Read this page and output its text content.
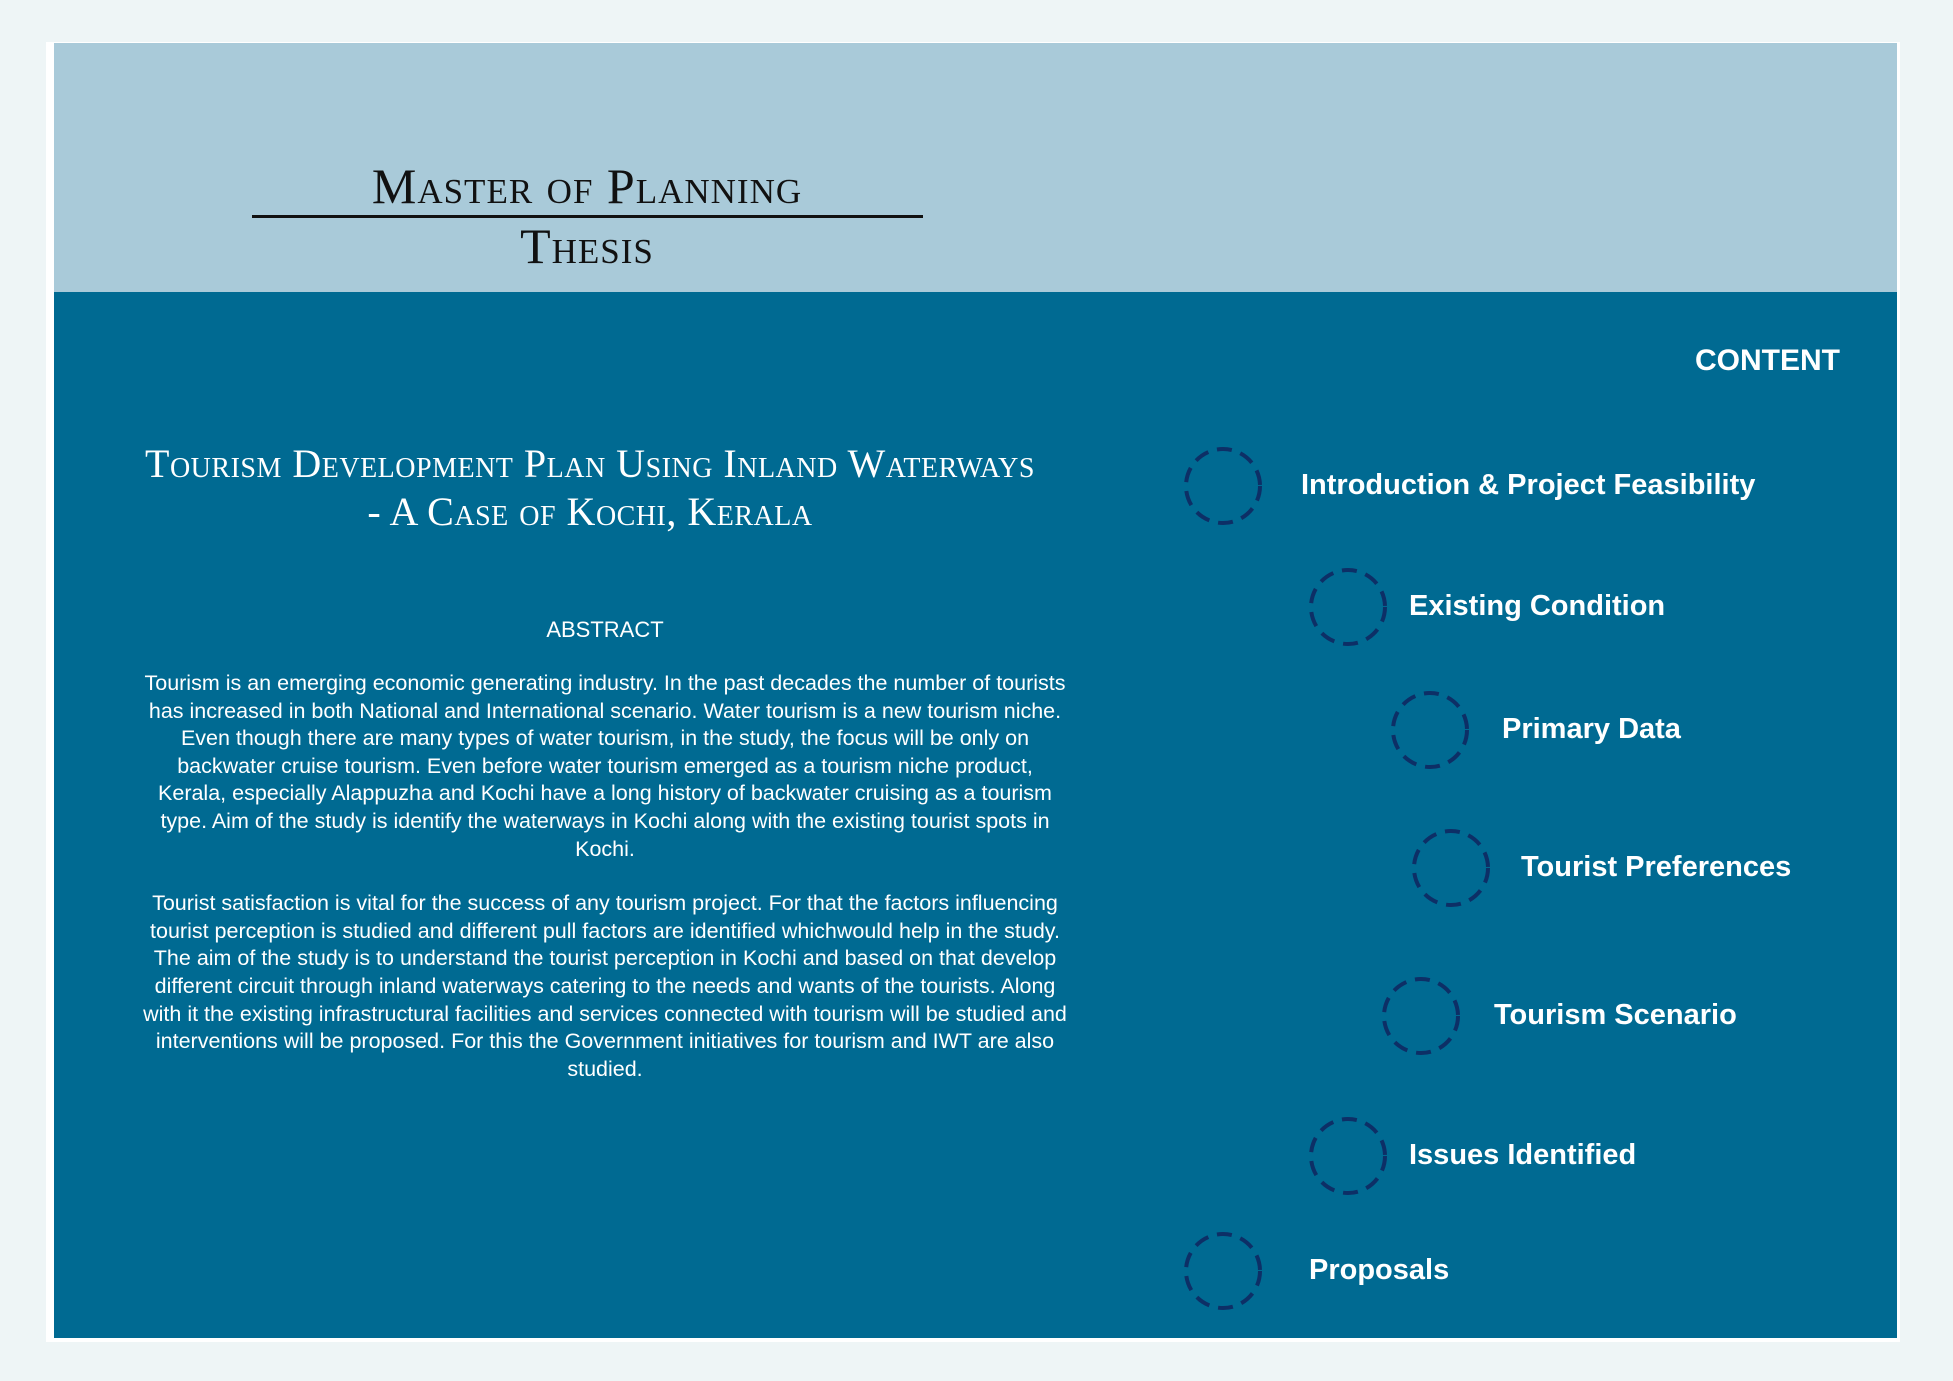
Master of Planning
Thesis
Tourism Development Plan Using Inland Waterways
- A Case of Kochi, Kerala
ABSTRACT

Tourism is an emerging economic generating industry. In the past decades the number of tourists has increased in both National and International scenario. Water tourism is a new tourism niche. Even though there are many types of water tourism, in the study, the focus will be only on backwater cruise tourism. Even before water tourism emerged as a tourism niche product, Kerala, especially Alappuzha and Kochi have a long history of backwater cruising as a tourism type. Aim of the study is identify the waterways in Kochi along with the existing tourist spots in Kochi.

Tourist satisfaction is vital for the success of any tourism project. For that the factors influencing tourist perception is studied and different pull factors are identified whichwould help in the study. The aim of the study is to understand the tourist perception in Kochi and based on that develop different circuit through inland waterways catering to the needs and wants of the tourists. Along with it the existing infrastructural facilities and services connected with tourism will be studied and interventions will be proposed. For this the Government initiatives for tourism and IWT are also studied.

CONTENT
Introduction & Project Feasibility
Existing Condition
Primary Data
Tourist Preferences
Tourism Scenario
Issues Identified
Proposals
